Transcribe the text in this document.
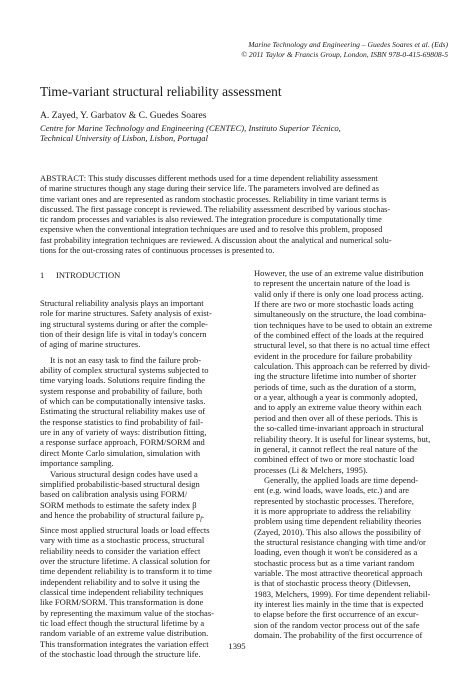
Marine Technology and Engineering – Guedes Soares et al. (Eds)
© 2011 Taylor & Francis Group, London, ISBN 978-0-415-69808-5
Time-variant structural reliability assessment
A. Zayed, Y. Garbatov & C. Guedes Soares
Centre for Marine Technology and Engineering (CENTEC), Instituto Superior Técnico,
Technical University of Lisbon, Lisbon, Portugal
ABSTRACT: This study discusses different methods used for a time dependent reliability assessment
of marine structures though any stage during their service life. The parameters involved are defined as
time variant ones and are represented as random stochastic processes. Reliability in time variant terms is
discussed. The first passage concept is reviewed. The reliability assessment described by various stochas-
tic random processes and variables is also reviewed. The integration procedure is computationally time
expensive when the conventional integration techniques are used and to resolve this problem, proposed
fast probability integration techniques are reviewed. A discussion about the analytical and numerical solu-
tions for the out-crossing rates of continuous processes is presented to.
1 INTRODUCTION
Structural reliability analysis plays an important
role for marine structures. Safety analysis of exist-
ing structural systems during or after the comple-
tion of their design life is vital in today's concern
of aging of marine structures.
It is not an easy task to find the failure prob-
ability of complex structural systems subjected to
time varying loads. Solutions require finding the
system response and probability of failure, both
of which can be computationally intensive tasks.
Estimating the structural reliability makes use of
the response statistics to find probability of fail-
ure in any of variety of ways: distribution fitting,
a response surface approach, FORM/SORM and
direct Monte Carlo simulation, simulation with
importance sampling.
Various structural design codes have used a
simplified probabilistic-based structural design
based on calibration analysis using FORM/
SORM methods to estimate the safety index β
and hence the probability of structural failure $p_f$.
Since most applied structural loads or load effects
vary with time as a stochastic process, structural
reliability needs to consider the variation effect
over the structure lifetime. A classical solution for
time dependent reliability is to transform it to time
independent reliability and to solve it using the
classical time independent reliability techniques
like FORM/SORM. This transformation is done
by representing the maximum value of the stochas-
tic load effect though the structural lifetime by a
random variable of an extreme value distribution.
This transformation integrates the variation effect
of the stochastic load through the structure life.
However, the use of an extreme value distribution
to represent the uncertain nature of the load is
valid only if there is only one load process acting.
If there are two or more stochastic loads acting
simultaneously on the structure, the load combina-
tion techniques have to be used to obtain an extreme
of the combined effect of the loads at the required
structural level, so that there is no actual time effect
evident in the procedure for failure probability
calculation. This approach can be referred by divid-
ing the structure lifetime into number of shorter
periods of time, such as the duration of a storm,
or a year, although a year is commonly adopted,
and to apply an extreme value theory within each
period and then over all of these periods. This is
the so-called time-invariant approach in structural
reliability theory. It is useful for linear systems, but,
in general, it cannot reflect the real nature of the
combined effect of two or more stochastic load
processes (Li & Melchers, 1995).
Generally, the applied loads are time depend-
ent (e.g. wind loads, wave loads, etc.) and are
represented by stochastic processes. Therefore,
it is more appropriate to address the reliability
problem using time dependent reliability theories
(Zayed, 2010). This also allows the possibility of
the structural resistance changing with time and/or
loading, even though it won't be considered as a
stochastic process but as a time variant random
variable. The most attractive theoretical approach
is that of stochastic process theory (Ditlevsen,
1983, Melchers, 1999). For time dependent reliabil-
ity interest lies mainly in the time that is expected
to elapse before the first occurrence of an excur-
sion of the random vector process out of the safe
domain. The probability of the first occurrence of
1395
